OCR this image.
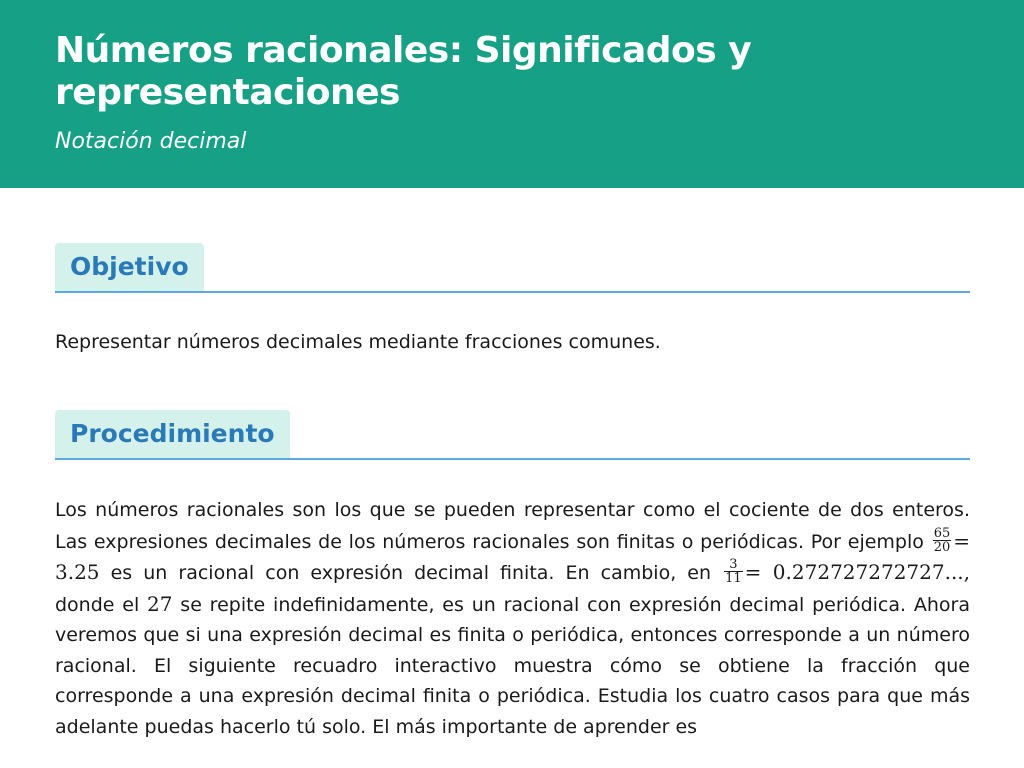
Números racionales: Significados y representaciones
Notación decimal
Objetivo

Representar números decimales mediante fracciones comunes.

Procedimiento

Los números racionales son los que se pueden representar como el cociente de dos enteros. Las expresiones decimales de los números racionales son finitas o periódicas. Por ejemplo $\frac{65}{20} = 3.25$ es un racional con expresión decimal finita. En cambio, en $\frac{3}{11} = 0.272727272727$..., donde el 27 se repite indefinidamente, es un racional con expresión decimal periódica. Ahora veremos que si una expresión decimal es finita o periódica, entonces corresponde a un número racional. El siguiente recuadro interactivo muestra cómo se obtiene la fracción que corresponde a una expresión decimal finita o periódica. Estudia los cuatro casos para que más adelante puedas hacerlo tú solo. El más importante de aprender es
